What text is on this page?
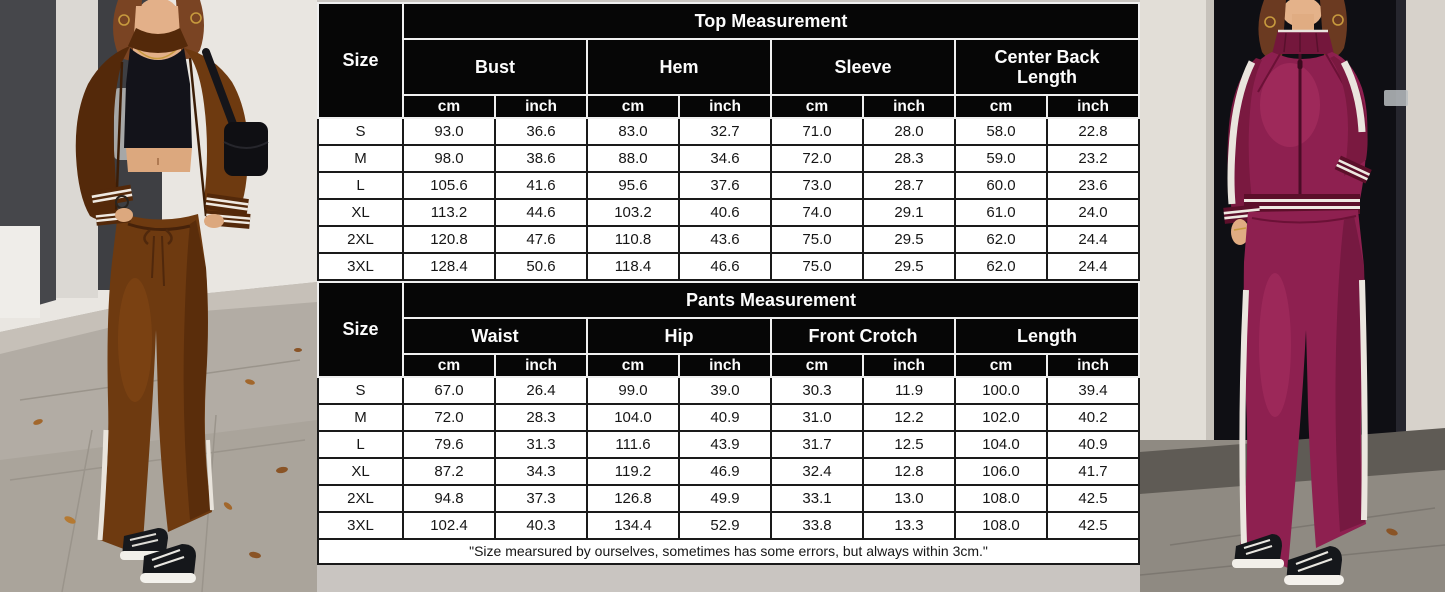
Size	Top Measurement							
	Bust		Hem		Sleeve		Center Back Length	
	cm	inch	cm	inch	cm	inch	cm	inch
S	93.0	36.6	83.0	32.7	71.0	28.0	58.0	22.8
M	98.0	38.6	88.0	34.6	72.0	28.3	59.0	23.2
L	105.6	41.6	95.6	37.6	73.0	28.7	60.0	23.6
XL	113.2	44.6	103.2	40.6	74.0	29.1	61.0	24.0
2XL	120.8	47.6	110.8	43.6	75.0	29.5	62.0	24.4
3XL	128.4	50.6	118.4	46.6	75.0	29.5	62.0	24.4
Size	Pants Measurement							
	Waist		Hip		Front Crotch		Length	
	cm	inch	cm	inch	cm	inch	cm	inch
S	67.0	26.4	99.0	39.0	30.3	11.9	100.0	39.4
M	72.0	28.3	104.0	40.9	31.0	12.2	102.0	40.2
L	79.6	31.3	111.6	43.9	31.7	12.5	104.0	40.9
XL	87.2	34.3	119.2	46.9	32.4	12.8	106.0	41.7
2XL	94.8	37.3	126.8	49.9	33.1	13.0	108.0	42.5
3XL	102.4	40.3	134.4	52.9	33.8	13.3	108.0	42.5
"Size mearsured by ourselves, sometimes has some errors, but always within 3cm."
